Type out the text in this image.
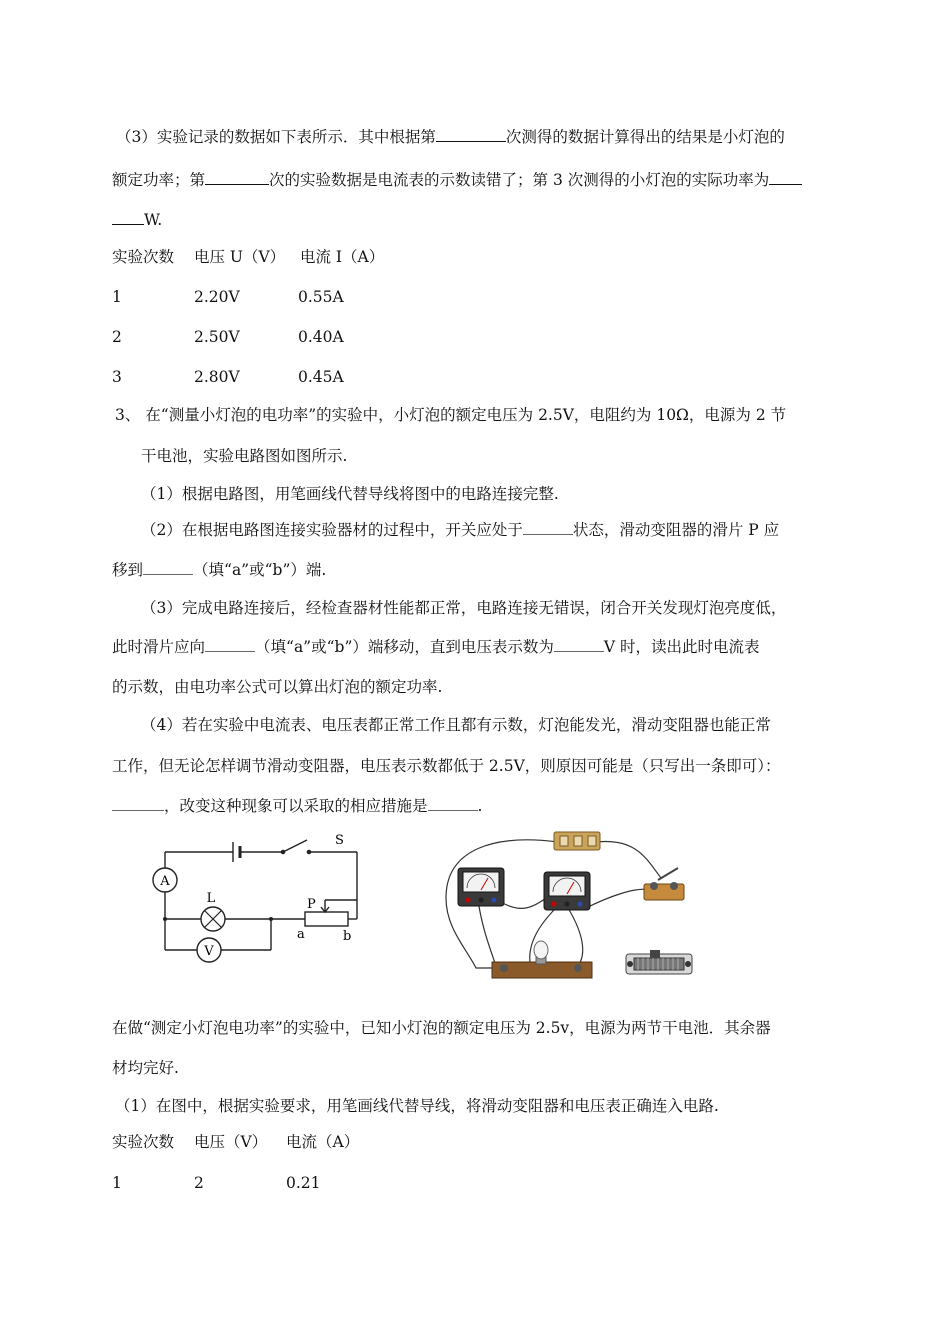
（3）实验记录的数据如下表所示．其中根据第	次测得的数据计算得出的结果是小灯泡的
额定功率；第	次的实验数据是电流表的示数读错了；第 3 次测得的小灯泡的实际功率为
W.
实验次数 电压 U（V） 电流 I（A）
1	2.20V	0.55A
2	2.50V	0.40A
3	2.80V	0.45A
3、 在“测量小灯泡的电功率”的实验中，小灯泡的额定电压为 2.5V，电阻约为 10Ω，电源为 2 节
干电池，实验电路图如图所示.
（1）根据电路图，用笔画线代替导线将图中的电路连接完整.
（2）在根据电路图连接实验器材的过程中，开关应处于	状态，滑动变阻器的滑片 P 应
移到	（填“a”或“b”）端.
（3）完成电路连接后，经检查器材性能都正常，电路连接无错误，闭合开关发现灯泡亮度低，
此时滑片应向	（填“a”或“b”）端移动，直到电压表示数为	V 时，读出此时电流表
的示数，由电功率公式可以算出灯泡的额定功率.
（4）若在实验中电流表、电压表都正常工作且都有示数，灯泡能发光，滑动变阻器也能正常
工作，但无论怎样调节滑动变阻器，电压表示数都低于 2.5V，则原因可能是（只写出一条即可）：
，改变这种现象可以采取的相应措施是	.
A
L
V
S
P
a	b
在做“测定小灯泡电功率”的实验中，已知小灯泡的额定电压为 2.5v，电源为两节干电池．其余器
材均完好.
（1）在图中，根据实验要求，用笔画线代替导线，将滑动变阻器和电压表正确连入电路.
实验次数 电压（V） 电流（A）
1	2	0.21
